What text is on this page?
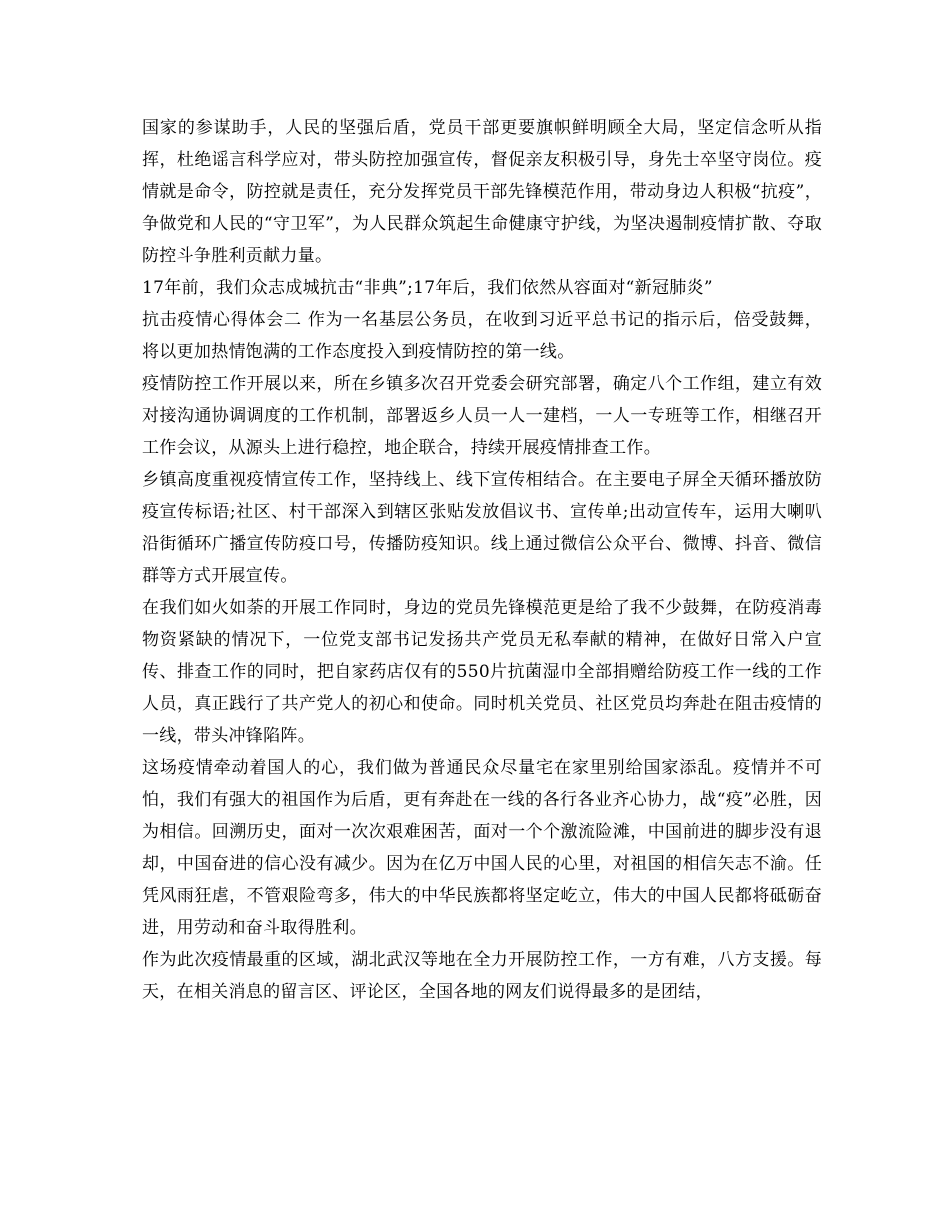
国家的参谋助手，人民的坚强后盾，党员干部更要旗帜鲜明顾全大局，坚定信念听从指挥，杜绝谣言科学应对，带头防控加强宣传，督促亲友积极引导，身先士卒坚守岗位。疫情就是命令，防控就是责任，充分发挥党员干部先锋模范作用，带动身边人积极“抗疫”，争做党和人民的“守卫军”，为人民群众筑起生命健康守护线，为坚决遏制疫情扩散、夺取防控斗争胜利贡献力量。

17年前，我们众志成城抗击“非典”;17年后，我们依然从容面对“新冠肺炎”

抗击疫情心得体会二 作为一名基层公务员，在收到习近平总书记的指示后，倍受鼓舞，将以更加热情饱满的工作态度投入到疫情防控的第一线。

疫情防控工作开展以来，所在乡镇多次召开党委会研究部署，确定八个工作组，建立有效对接沟通协调调度的工作机制，部署返乡人员一人一建档，一人一专班等工作，相继召开工作会议，从源头上进行稳控，地企联合，持续开展疫情排查工作。

乡镇高度重视疫情宣传工作，坚持线上、线下宣传相结合。在主要电子屏全天循环播放防疫宣传标语;社区、村干部深入到辖区张贴发放倡议书、宣传单;出动宣传车，运用大喇叭沿街循环广播宣传防疫口号，传播防疫知识。线上通过微信公众平台、微博、抖音、微信群等方式开展宣传。

在我们如火如荼的开展工作同时，身边的党员先锋模范更是给了我不少鼓舞，在防疫消毒物资紧缺的情况下，一位党支部书记发扬共产党员无私奉献的精神，在做好日常入户宣传、排查工作的同时，把自家药店仅有的550片抗菌湿巾全部捐赠给防疫工作一线的工作人员，真正践行了共产党人的初心和使命。同时机关党员、社区党员均奔赴在阻击疫情的一线，带头冲锋陷阵。

这场疫情牵动着国人的心，我们做为普通民众尽量宅在家里别给国家添乱。疫情并不可怕，我们有强大的祖国作为后盾，更有奔赴在一线的各行各业齐心协力，战“疫”必胜，因为相信。回溯历史，面对一次次艰难困苦，面对一个个激流险滩，中国前进的脚步没有退却，中国奋进的信心没有减少。因为在亿万中国人民的心里，对祖国的相信矢志不渝。任凭风雨狂虐，不管艰险弯多，伟大的中华民族都将坚定屹立，伟大的中国人民都将砥砺奋进，用劳动和奋斗取得胜利。

作为此次疫情最重的区域，湖北武汉等地在全力开展防控工作，一方有难，八方支援。每天，在相关消息的留言区、评论区，全国各地的网友们说得最多的是团结，
